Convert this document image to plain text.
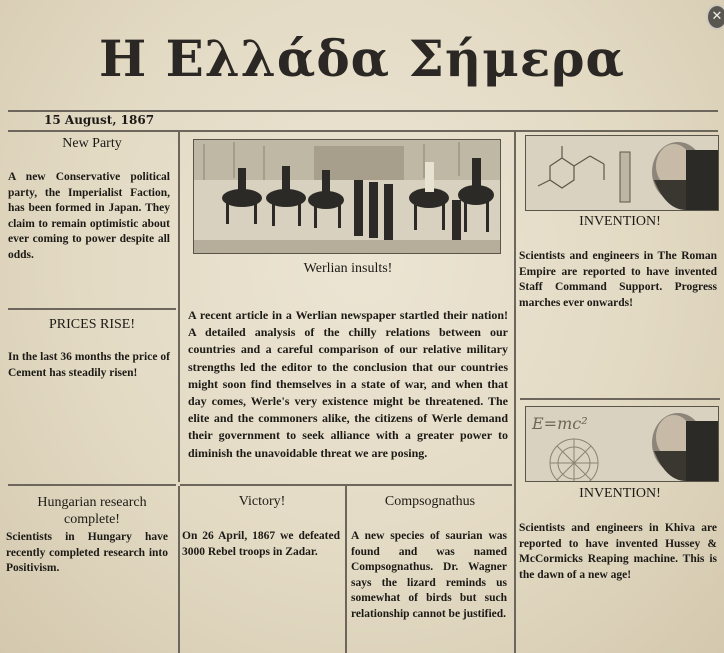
Η Ελλάδα Σήμερα
✕
15 August, 1867
New Party
A new Conservative political party, the Imperialist Faction, has been formed in Japan. They claim to remain optimistic about ever coming to power despite all odds.
PRICES RISE!
In the last 36 months the price of Cement has steadily risen!
Hungarian research complete!
Scientists in Hungary have recently completed research into Positivism.
Werlian insults!
A recent article in a Werlian newspaper startled their nation! A detailed analysis of the chilly relations between our countries and a careful comparison of our relative military strengths led the editor to the conclusion that our countries might soon find themselves in a state of war, and when that day comes, Werle's very existence might be threatened. The elite and the commoners alike, the citizens of Werle demand their government to seek alliance with a greater power to diminish the unavoidable threat we are posing.
Victory!
On 26 April, 1867 we defeated 3000 Rebel troops in Zadar.
Compsognathus
A new species of saurian was found and was named Compsognathus. Dr. Wagner says the lizard reminds us somewhat of birds but such relationship cannot be justified.
INVENTION!
Scientists and engineers in The Roman Empire are reported to have invented Staff Command Support. Progress marches ever onwards!
E=mc²
INVENTION!
Scientists and engineers in Khiva are reported to have invented Hussey & McCormicks Reaping machine. This is the dawn of a new age!
